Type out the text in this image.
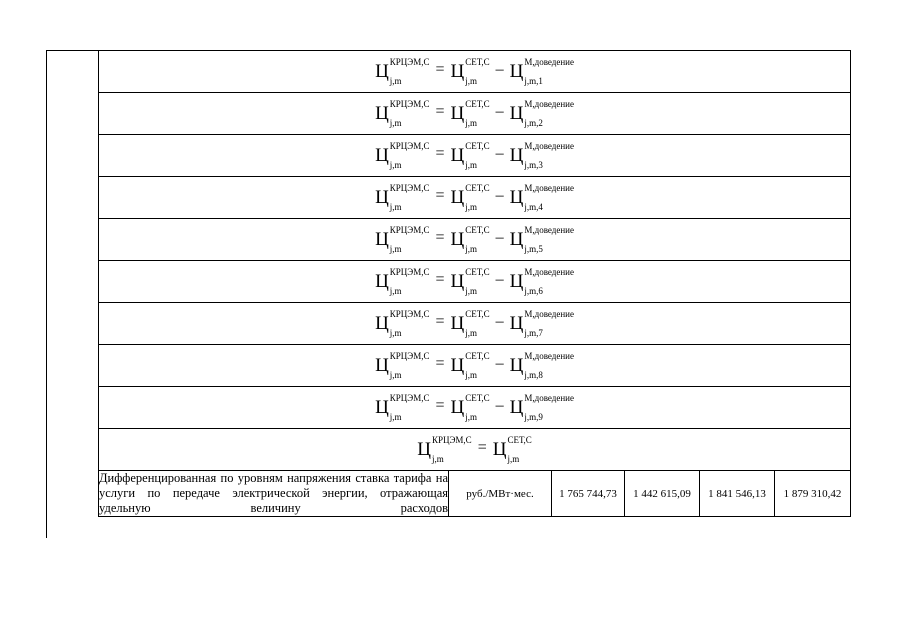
Ц КРЦЭМ,C
j,m
= Ц СЕТ,C
j,m
– Ц М,доведение
j,m,1

Ц КРЦЭМ,C
j,m
= Ц СЕТ,C
j,m
– Ц М,доведение
j,m,2

Ц КРЦЭМ,C
j,m
= Ц СЕТ,C
j,m
– Ц М,доведение
j,m,3

Ц КРЦЭМ,C
j,m
= Ц СЕТ,C
j,m
– Ц М,доведение
j,m,4

Ц КРЦЭМ,C
j,m
= Ц СЕТ,C
j,m
– Ц М,доведение
j,m,5

Ц КРЦЭМ,C
j,m
= Ц СЕТ,C
j,m
– Ц М,доведение
j,m,6

Ц КРЦЭМ,C
j,m
= Ц СЕТ,C
j,m
– Ц М,доведение
j,m,7

Ц КРЦЭМ,C
j,m
= Ц СЕТ,C
j,m
– Ц М,доведение
j,m,8

Ц КРЦЭМ,C
j,m
= Ц СЕТ,C
j,m
– Ц М,доведение
j,m,9

Ц КРЦЭМ,C
j,m
= Ц СЕТ,C
j,m

Дифференцированная по уровням напряжения ставка тарифа на услуги по передаче электрической энергии, отражающая удельную величину расходов	руб./МВт·мес.	1 765 744,73	1 442 615,09	1 841 546,13	1 879 310,42
